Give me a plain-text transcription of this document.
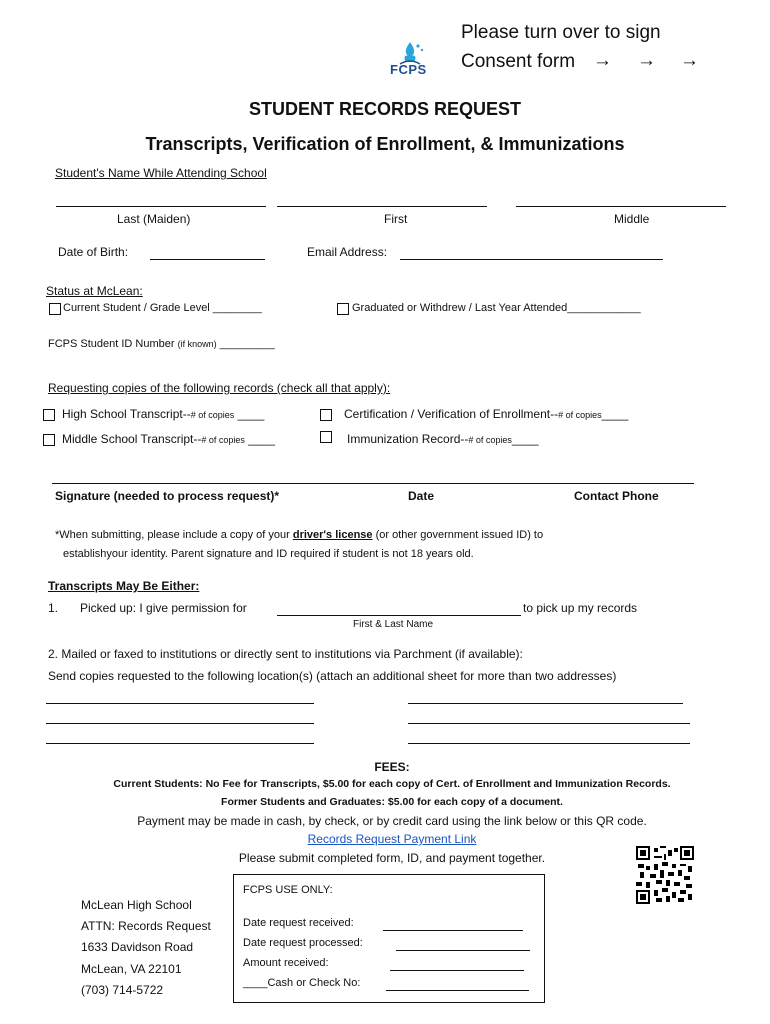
FCPS
Please turn over to sign
Consent form → → →
STUDENT RECORDS REQUEST
Transcripts, Verification of Enrollment, & Immunizations
Student's Name While Attending School
Last (Maiden)	First	Middle
Date of Birth:	Email Address:
Status at McLean:
Current Student / Grade Level ________	Graduated or Withdrew / Last Year Attended____________
FCPS Student ID Number (if known) _________
Requesting copies of the following records (check all that apply):
High School Transcript--# of copies ____	Certification / Verification of Enrollment--# of copies____
Middle School Transcript--# of copies ____	Immunization Record--# of copies____
Signature (needed to process request)*	Date	Contact Phone
*When submitting, please include a copy of your driver's license (or other government issued ID) to
establishyour identity. Parent signature and ID required if student is not 18 years old.
Transcripts May Be Either:
1. Picked up: I give permission for	to pick up my records
First & Last Name
2. Mailed or faxed to institutions or directly sent to institutions via Parchment (if available):
Send copies requested to the following location(s) (attach an additional sheet for more than two addresses)
FEES:
Current Students: No Fee for Transcripts, $5.00 for each copy of Cert. of Enrollment and Immunization Records.
Former Students and Graduates: $5.00 for each copy of a document.
Payment may be made in cash, by check, or by credit card using the link below or this QR code.
Records Request Payment Link
Please submit completed form, ID, and payment together.
McLean High School
ATTN: Records Request
1633 Davidson Road
McLean, VA 22101
(703) 714-5722
FCPS USE ONLY:
Date request received:
Date request processed:
Amount received:
____Cash or Check No:
